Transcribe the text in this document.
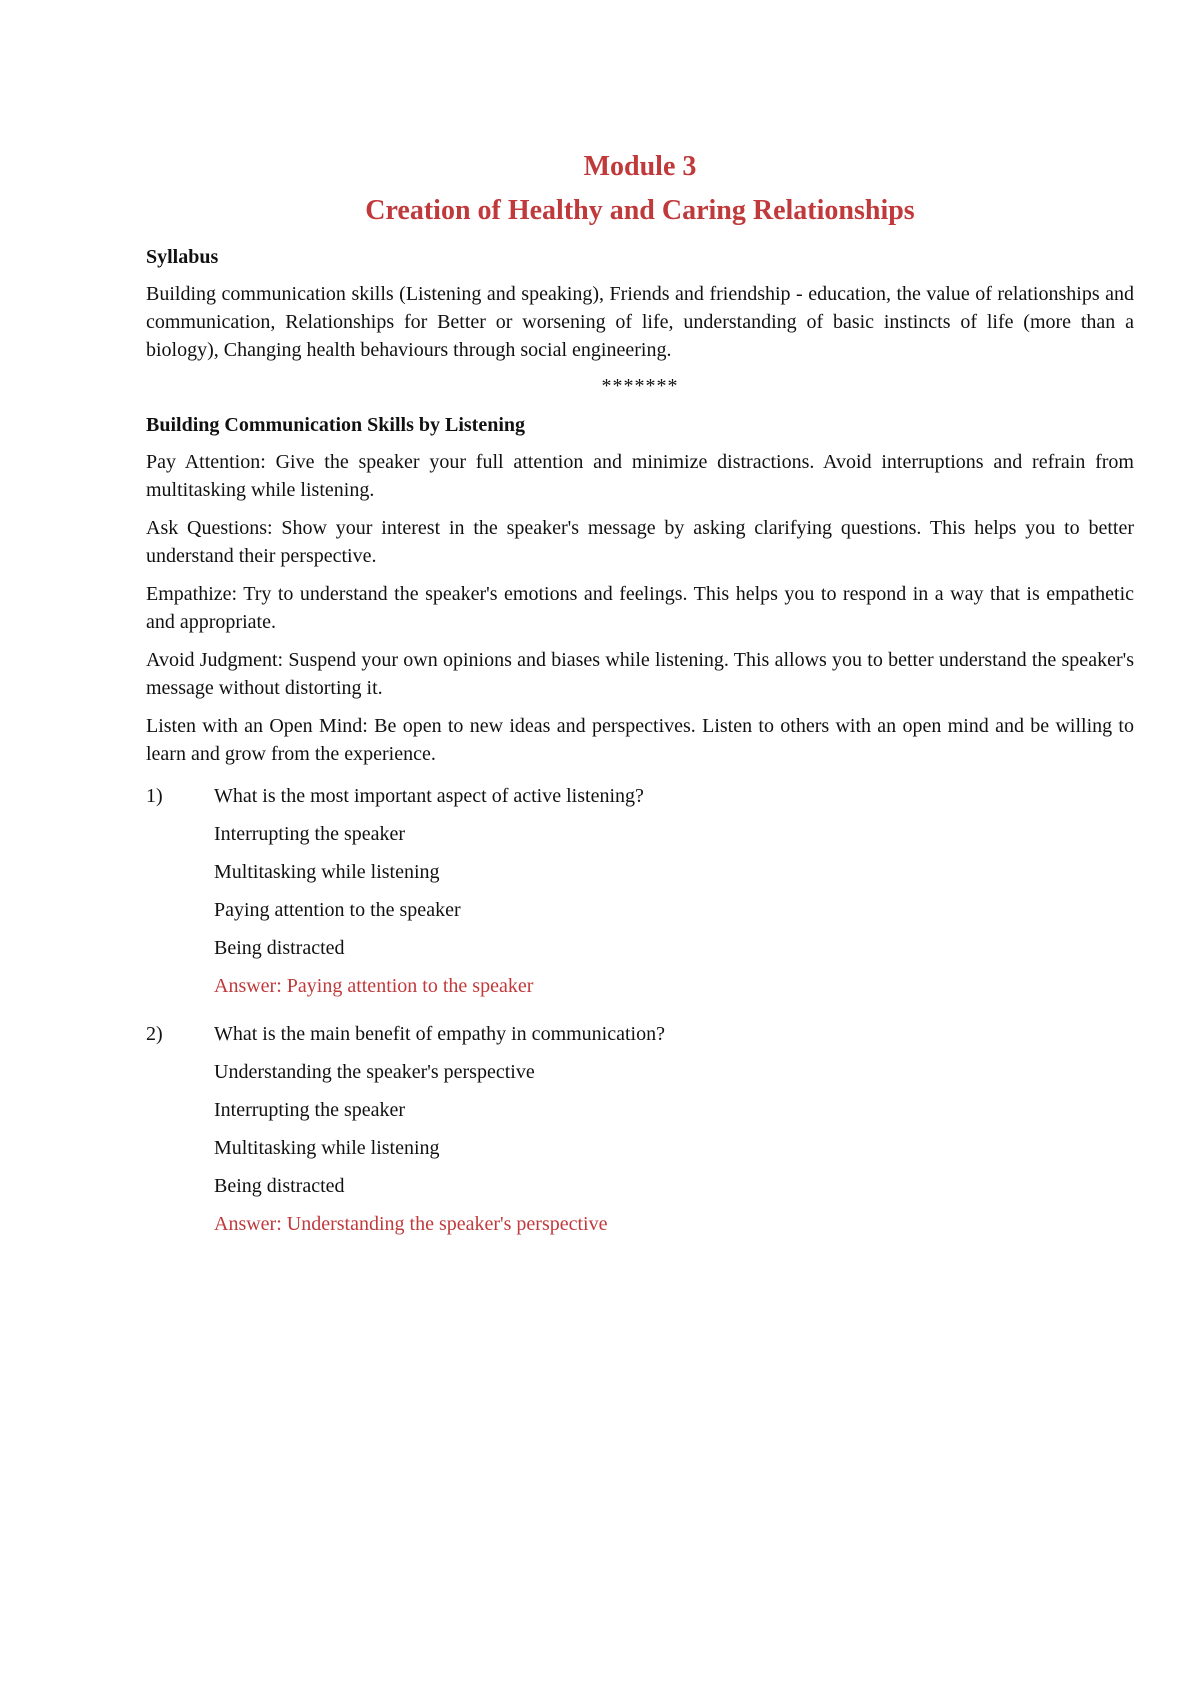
Module 3
Creation of Healthy and Caring Relationships
Syllabus

Building communication skills (Listening and speaking), Friends and friendship - education, the value of relationships and communication, Relationships for Better or worsening of life, understanding of basic instincts of life (more than a biology), Changing health behaviours through social engineering.

*******
Building Communication Skills by Listening

Pay Attention: Give the speaker your full attention and minimize distractions. Avoid interruptions and refrain from multitasking while listening.

Ask Questions: Show your interest in the speaker's message by asking clarifying questions. This helps you to better understand their perspective.

Empathize: Try to understand the speaker's emotions and feelings. This helps you to respond in a way that is empathetic and appropriate.

Avoid Judgment: Suspend your own opinions and biases while listening. This allows you to better understand the speaker's message without distorting it.

Listen with an Open Mind: Be open to new ideas and perspectives. Listen to others with an open mind and be willing to learn and grow from the experience.

1)	What is the most important aspect of active listening?
Interrupting the speaker
Multitasking while listening
Paying attention to the speaker
Being distracted
Answer: Paying attention to the speaker
2)	What is the main benefit of empathy in communication?
Understanding the speaker's perspective
Interrupting the speaker
Multitasking while listening
Being distracted
Answer: Understanding the speaker's perspective
